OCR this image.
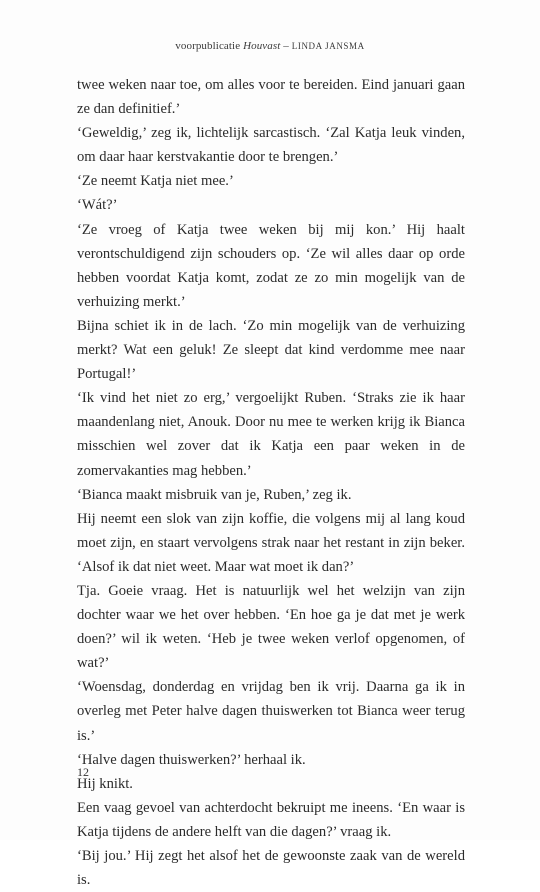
voorpublicatie Houvast – LINDA JANSMA

twee weken naar toe, om alles voor te bereiden. Eind januari gaan ze dan definitief.’

‘Geweldig,’ zeg ik, lichtelijk sarcastisch. ‘Zal Katja leuk vinden, om daar haar kerstvakantie door te brengen.’

‘Ze neemt Katja niet mee.’

‘Wát?’

‘Ze vroeg of Katja twee weken bij mij kon.’ Hij haalt verontschuldigend zijn schouders op. ‘Ze wil alles daar op orde hebben voordat Katja komt, zodat ze zo min mogelijk van de verhuizing merkt.’

Bijna schiet ik in de lach. ‘Zo min mogelijk van de verhuizing merkt? Wat een geluk! Ze sleept dat kind verdomme mee naar Portugal!’

‘Ik vind het niet zo erg,’ vergoelijkt Ruben. ‘Straks zie ik haar maandenlang niet, Anouk. Door nu mee te werken krijg ik Bianca misschien wel zover dat ik Katja een paar weken in de zomervakanties mag hebben.’

‘Bianca maakt misbruik van je, Ruben,’ zeg ik.

Hij neemt een slok van zijn koffie, die volgens mij al lang koud moet zijn, en staart vervolgens strak naar het restant in zijn beker. ‘Alsof ik dat niet weet. Maar wat moet ik dan?’

Tja. Goeie vraag. Het is natuurlijk wel het welzijn van zijn dochter waar we het over hebben. ‘En hoe ga je dat met je werk doen?’ wil ik weten. ‘Heb je twee weken verlof opgenomen, of wat?’

‘Woensdag, donderdag en vrijdag ben ik vrij. Daarna ga ik in overleg met Peter halve dagen thuiswerken tot Bianca weer terug is.’

‘Halve dagen thuiswerken?’ herhaal ik.

Hij knikt.

Een vaag gevoel van achterdocht bekruipt me ineens. ‘En waar is Katja tijdens de andere helft van die dagen?’ vraag ik.

‘Bij jou.’ Hij zegt het alsof het de gewoonste zaak van de wereld is.

12
